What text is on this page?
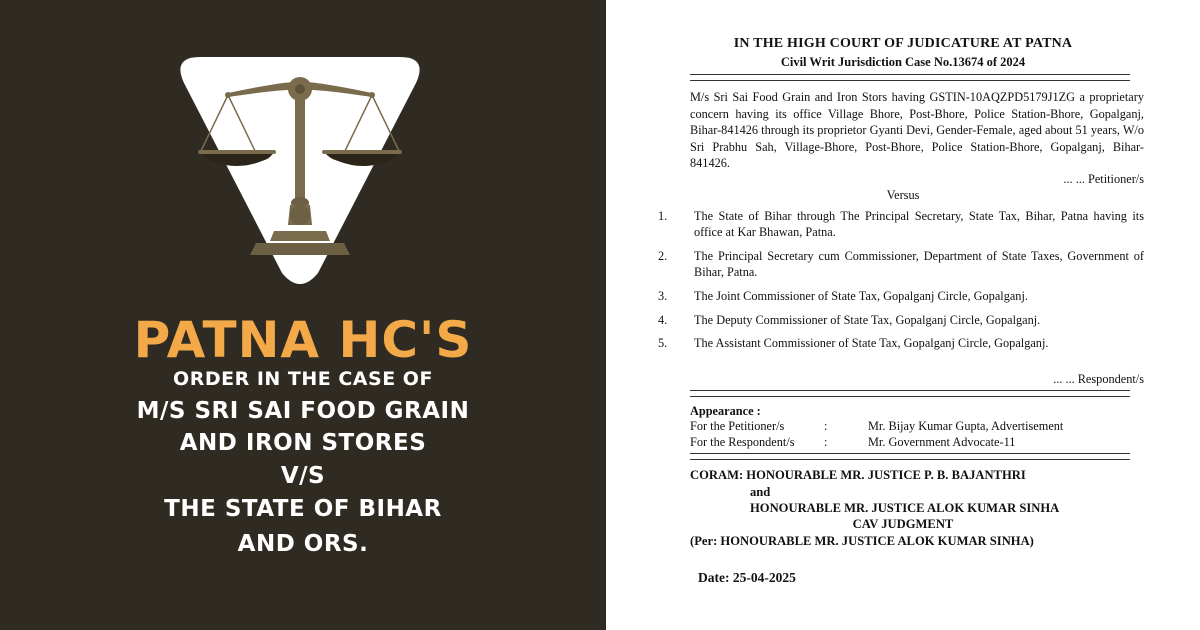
PATNA HC'S
ORDER IN THE CASE OF
M/S SRI SAI FOOD GRAIN
AND IRON STORES
V/S
THE STATE OF BIHAR
AND ORS.
IN THE HIGH COURT OF JUDICATURE AT PATNA
Civil Writ Jurisdiction Case No.13674 of 2024
M/s Sri Sai Food Grain and Iron Stors having GSTIN-10AQZPD5179J1ZG a proprietary concern having its office Village Bhore, Post-Bhore, Police Station-Bhore, Gopalganj, Bihar-841426 through its proprietor Gyanti Devi, Gender-Female, aged about 51 years, W/o Sri Prabhu Sah, Village-Bhore, Post-Bhore, Police Station-Bhore, Gopalganj, Bihar-841426.
... ... Petitioner/s
Versus
1.	The State of Bihar through The Principal Secretary, State Tax, Bihar, Patna having its office at Kar Bhawan, Patna.
2.	The Principal Secretary cum Commissioner, Department of State Taxes, Government of Bihar, Patna.
3.	The Joint Commissioner of State Tax, Gopalganj Circle, Gopalganj.
4.	The Deputy Commissioner of State Tax, Gopalganj Circle, Gopalganj.
5.	The Assistant Commissioner of State Tax, Gopalganj Circle, Gopalganj.
... ... Respondent/s
Appearance :
For the Petitioner/s	:	Mr. Bijay Kumar Gupta, Advertisement
For the Respondent/s :	Mr. Government Advocate-11
CORAM: HONOURABLE MR. JUSTICE P. B. BAJANTHRI
and
HONOURABLE MR. JUSTICE ALOK KUMAR SINHA
CAV JUDGMENT
(Per: HONOURABLE MR. JUSTICE ALOK KUMAR SINHA)
Date: 25-04-2025
